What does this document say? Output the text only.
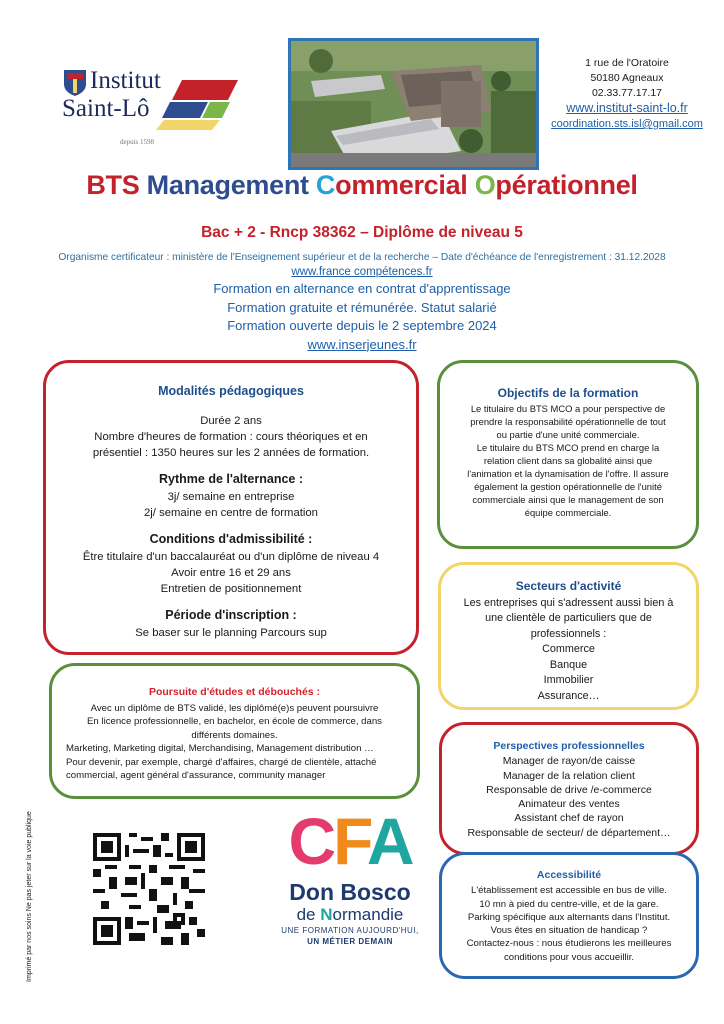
Institut
Saint-Lô
depuis 1598
1 rue de l'Oratoire
50180 Agneaux
02.33.77.17.17
www.institut-saint-lo.fr
coordination.sts.isl@gmail.com
BTS Management Commercial Opérationnel
Bac + 2 - Rncp 38362 – Diplôme de niveau 5
Organisme certificateur : ministère de l'Enseignement supérieur et de la recherche – Date d'échéance de l'enregistrement : 31.12.2028
www.france compétences.fr
Formation en alternance en contrat d'apprentissage
Formation gratuite et rémunérée. Statut salarié
Formation ouverte depuis le 2 septembre 2024
www.inserjeunes.fr
Modalités pédagogiques
Durée 2 ans
Nombre d'heures de formation : cours théoriques et en
présentiel : 1350 heures sur les 2 années de formation.
Rythme de l'alternance :
3j/ semaine en entreprise
2j/ semaine en centre de formation
Conditions d'admissibilité :
Être titulaire d'un baccalauréat ou d'un diplôme de niveau 4
Avoir entre 16 et 29 ans
Entretien de positionnement
Période d'inscription :
Se baser sur le planning Parcours sup
Poursuite d'études et débouchés :
Avec un diplôme de BTS validé, les diplômé(e)s peuvent poursuivre
En licence professionnelle, en bachelor, en école de commerce, dans
différents domaines.
Marketing, Marketing digital, Merchandising, Management distribution …
Pour devenir, par exemple, chargé d'affaires, chargé de clientèle, attaché
commercial, agent général d'assurance, community manager
Objectifs de la formation
Le titulaire du BTS MCO a pour perspective de
prendre la responsabilité opérationnelle de tout
ou partie d'une unité commerciale.
Le titulaire du BTS MCO prend en charge la
relation client dans sa globalité ainsi que
l'animation et la dynamisation de l'offre. Il assure
également la gestion opérationnelle de l'unité
commerciale ainsi que le management de son
équipe commerciale.
Secteurs d'activité
Les entreprises qui s'adressent aussi bien à
une clientèle de particuliers que de
professionnels :
Commerce
Banque
Immobilier
Assurance…
Perspectives professionnelles
Manager de rayon/de caisse
Manager de la relation client
Responsable de drive /e-commerce
Animateur des ventes
Assistant chef de rayon
Responsable de secteur/ de département…
Accessibilité
L'établissement est accessible en bus de ville.
10 mn à pied du centre-ville, et de la gare.
Parking spécifique aux alternants dans l'Institut.
Vous êtes en situation de handicap ?
Contactez-nous : nous étudierons les meilleures
conditions pour vous accueillir.
Imprimé par nos soins Ne pas jeter sur la voie publique	CFA
Don Bosco
de Normandie
UNE FORMATION AUJOURD'HUI,
UN MÉTIER DEMAIN
